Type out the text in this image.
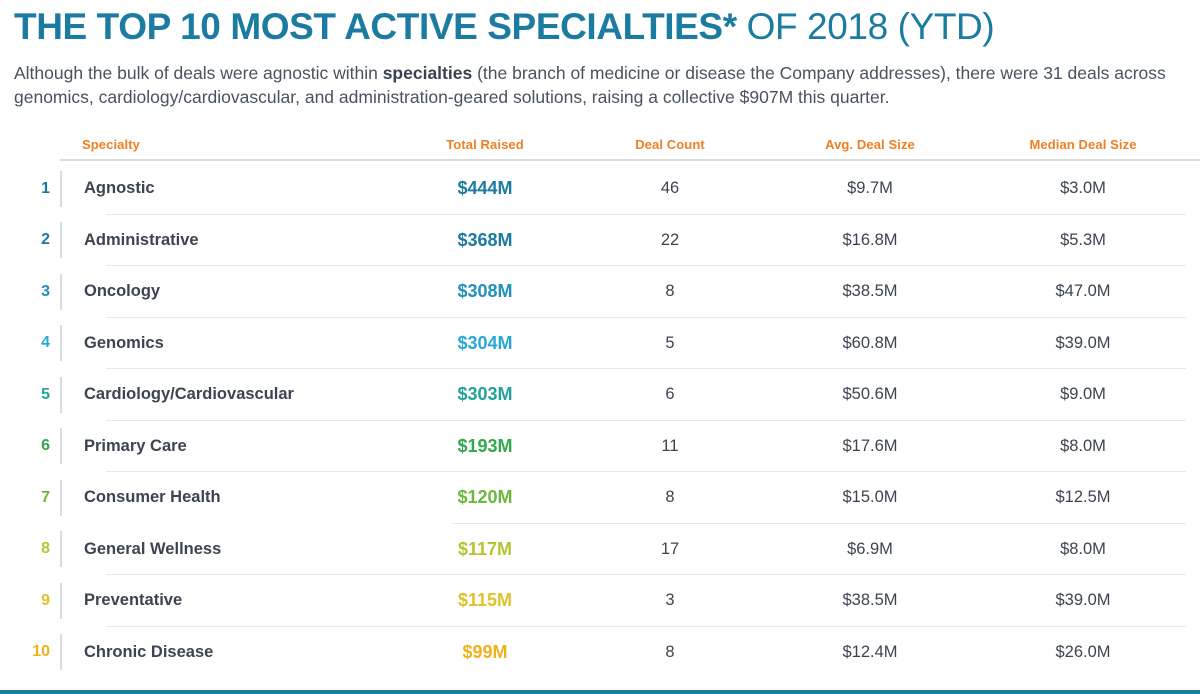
THE TOP 10 MOST ACTIVE SPECIALTIES* OF 2018 (YTD)
Although the bulk of deals were agnostic within specialties (the branch of medicine or disease the Company addresses), there were 31 deals across genomics, cardiology/cardiovascular, and administration-geared solutions, raising a collective $907M this quarter.
Specialty	Total Raised	Deal Count	Avg. Deal Size	Median Deal Size
1	Agnostic	$444M	46	$9.7M	$3.0M
2	Administrative	$368M	22	$16.8M	$5.3M
3	Oncology	$308M	8	$38.5M	$47.0M
4	Genomics	$304M	5	$60.8M	$39.0M
5	Cardiology/Cardiovascular	$303M	6	$50.6M	$9.0M
6	Primary Care	$193M	11	$17.6M	$8.0M
7	Consumer Health	$120M	8	$15.0M	$12.5M
8	General Wellness	$117M	17	$6.9M	$8.0M
9	Preventative	$115M	3	$38.5M	$39.0M
10	Chronic Disease	$99M	8	$12.4M	$26.0M
